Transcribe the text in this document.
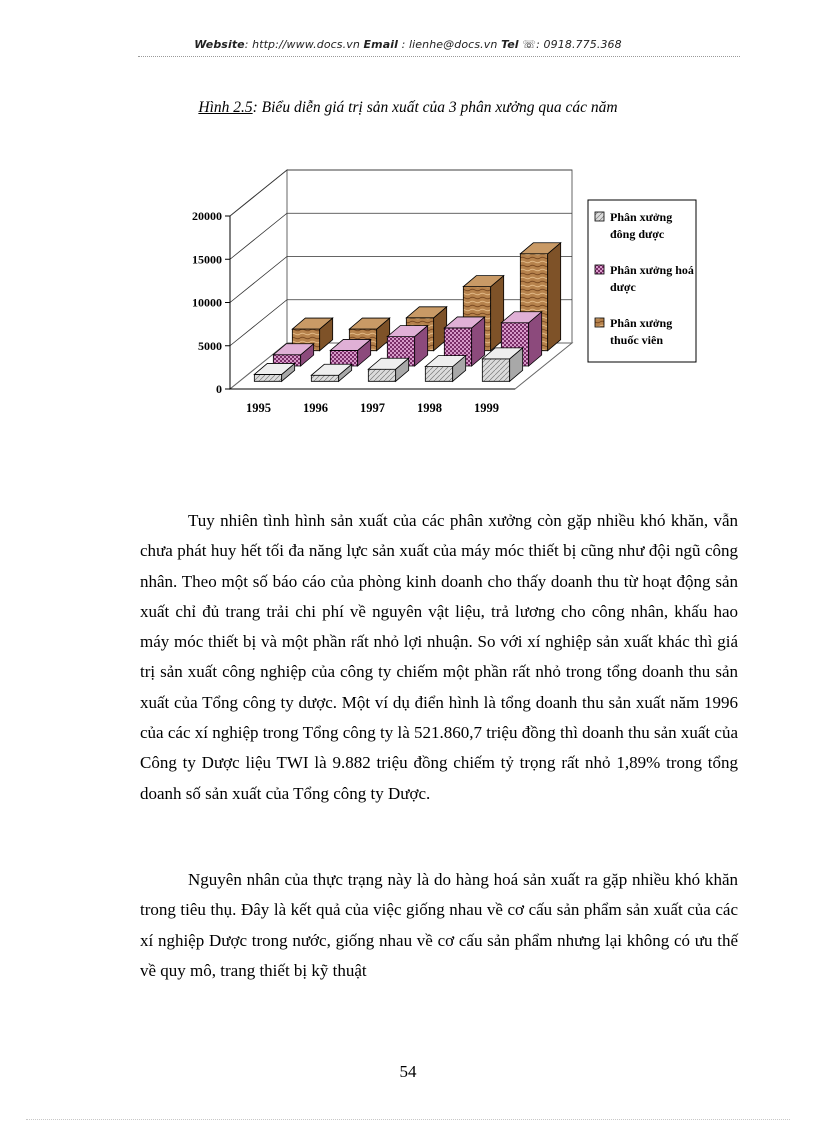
Website: http://www.docs.vn Email : lienhe@docs.vn Tel ☏: 0918.775.368
Hình 2.5: Biểu diễn giá trị sản xuất của 3 phân xưởng qua các năm
0
5000
10000
15000
20000
1995	1996	1997	1998	1999
Phân xưởng
đông dược
Phân xưởng hoá
dược
Phân xưởng
thuốc viên

Tuy nhiên tình hình sản xuất của các phân xưởng còn gặp nhiều khó khăn, vẫn chưa phát huy hết tối đa năng lực sản xuất của máy móc thiết bị cũng như đội ngũ công nhân. Theo một số báo cáo của phòng kinh doanh cho thấy doanh thu từ hoạt động sản xuất chỉ đủ trang trải chi phí về nguyên vật liệu, trả lương cho công nhân, khấu hao máy móc thiết bị và một phần rất nhỏ lợi nhuận. So với xí nghiệp sản xuất khác thì giá trị sản xuất công nghiệp của công ty chiếm một phần rất nhỏ trong tổng doanh thu sản xuất của Tổng công ty dược. Một ví dụ điển hình là tổng doanh thu sản xuất năm 1996 của các xí nghiệp trong Tổng công ty là 521.860,7 triệu đồng thì doanh thu sản xuất của Công ty Dược liệu TWI là 9.882 triệu đồng chiếm tỷ trọng rất nhỏ 1,89% trong tổng doanh số sản xuất của Tổng công ty Dược.

Nguyên nhân của thực trạng này là do hàng hoá sản xuất ra gặp nhiều khó khăn trong tiêu thụ. Đây là kết quả của việc giống nhau về cơ cấu sản phẩm sản xuất của các xí nghiệp Dược trong nước, giống nhau về cơ cấu sản phẩm nhưng lại không có ưu thế về quy mô, trang thiết bị kỹ thuật

54
